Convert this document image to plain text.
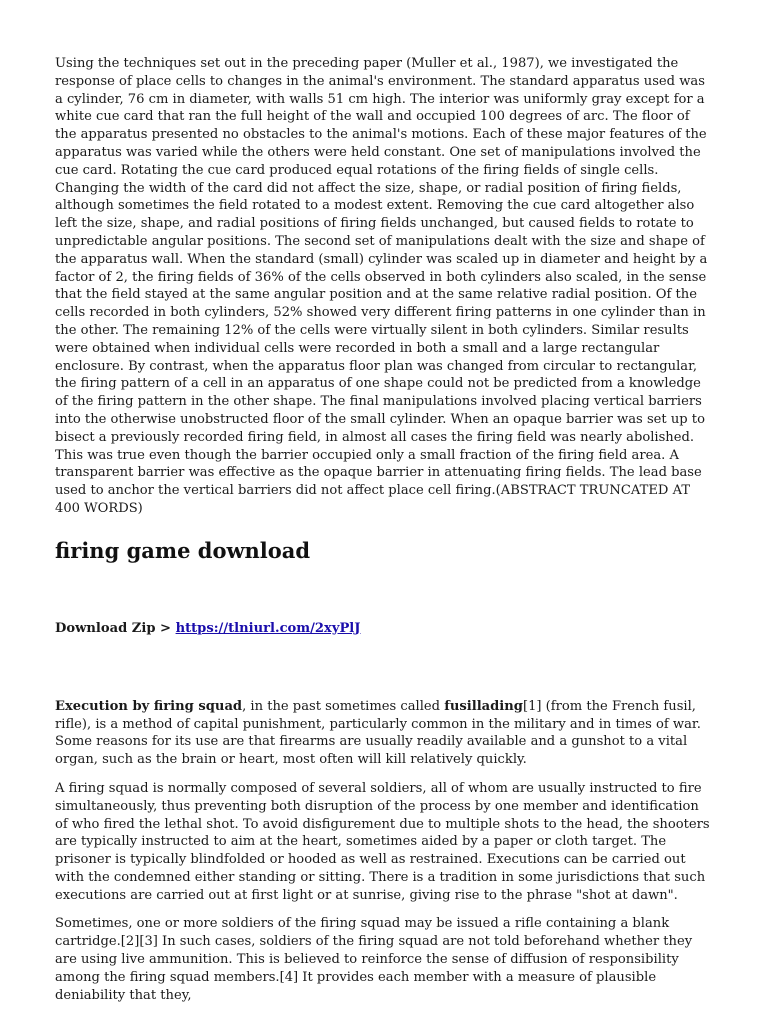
Using the techniques set out in the preceding paper (Muller et al., 1987), we investigated the response of place cells to changes in the animal's environment. The standard apparatus used was a cylinder, 76 cm in diameter, with walls 51 cm high. The interior was uniformly gray except for a white cue card that ran the full height of the wall and occupied 100 degrees of arc. The floor of the apparatus presented no obstacles to the animal's motions. Each of these major features of the apparatus was varied while the others were held constant. One set of manipulations involved the cue card. Rotating the cue card produced equal rotations of the firing fields of single cells. Changing the width of the card did not affect the size, shape, or radial position of firing fields, although sometimes the field rotated to a modest extent. Removing the cue card altogether also left the size, shape, and radial positions of firing fields unchanged, but caused fields to rotate to unpredictable angular positions. The second set of manipulations dealt with the size and shape of the apparatus wall. When the standard (small) cylinder was scaled up in diameter and height by a factor of 2, the firing fields of 36% of the cells observed in both cylinders also scaled, in the sense that the field stayed at the same angular position and at the same relative radial position. Of the cells recorded in both cylinders, 52% showed very different firing patterns in one cylinder than in the other. The remaining 12% of the cells were virtually silent in both cylinders. Similar results were obtained when individual cells were recorded in both a small and a large rectangular enclosure. By contrast, when the apparatus floor plan was changed from circular to rectangular, the firing pattern of a cell in an apparatus of one shape could not be predicted from a knowledge of the firing pattern in the other shape. The final manipulations involved placing vertical barriers into the otherwise unobstructed floor of the small cylinder. When an opaque barrier was set up to bisect a previously recorded firing field, in almost all cases the firing field was nearly abolished. This was true even though the barrier occupied only a small fraction of the firing field area. A transparent barrier was effective as the opaque barrier in attenuating firing fields. The lead base used to anchor the vertical barriers did not affect place cell firing.(ABSTRACT TRUNCATED AT 400 WORDS)

firing game download

Download Zip > https://tlniurl.com/2xyPlJ

Execution by firing squad, in the past sometimes called fusillading[1] (from the French fusil, rifle), is a method of capital punishment, particularly common in the military and in times of war. Some reasons for its use are that firearms are usually readily available and a gunshot to a vital organ, such as the brain or heart, most often will kill relatively quickly.

A firing squad is normally composed of several soldiers, all of whom are usually instructed to fire simultaneously, thus preventing both disruption of the process by one member and identification of who fired the lethal shot. To avoid disfigurement due to multiple shots to the head, the shooters are typically instructed to aim at the heart, sometimes aided by a paper or cloth target. The prisoner is typically blindfolded or hooded as well as restrained. Executions can be carried out with the condemned either standing or sitting. There is a tradition in some jurisdictions that such executions are carried out at first light or at sunrise, giving rise to the phrase "shot at dawn".

Sometimes, one or more soldiers of the firing squad may be issued a rifle containing a blank cartridge.[2][3] In such cases, soldiers of the firing squad are not told beforehand whether they are using live ammunition. This is believed to reinforce the sense of diffusion of responsibility among the firing squad members.[4] It provides each member with a measure of plausible deniability that they,
